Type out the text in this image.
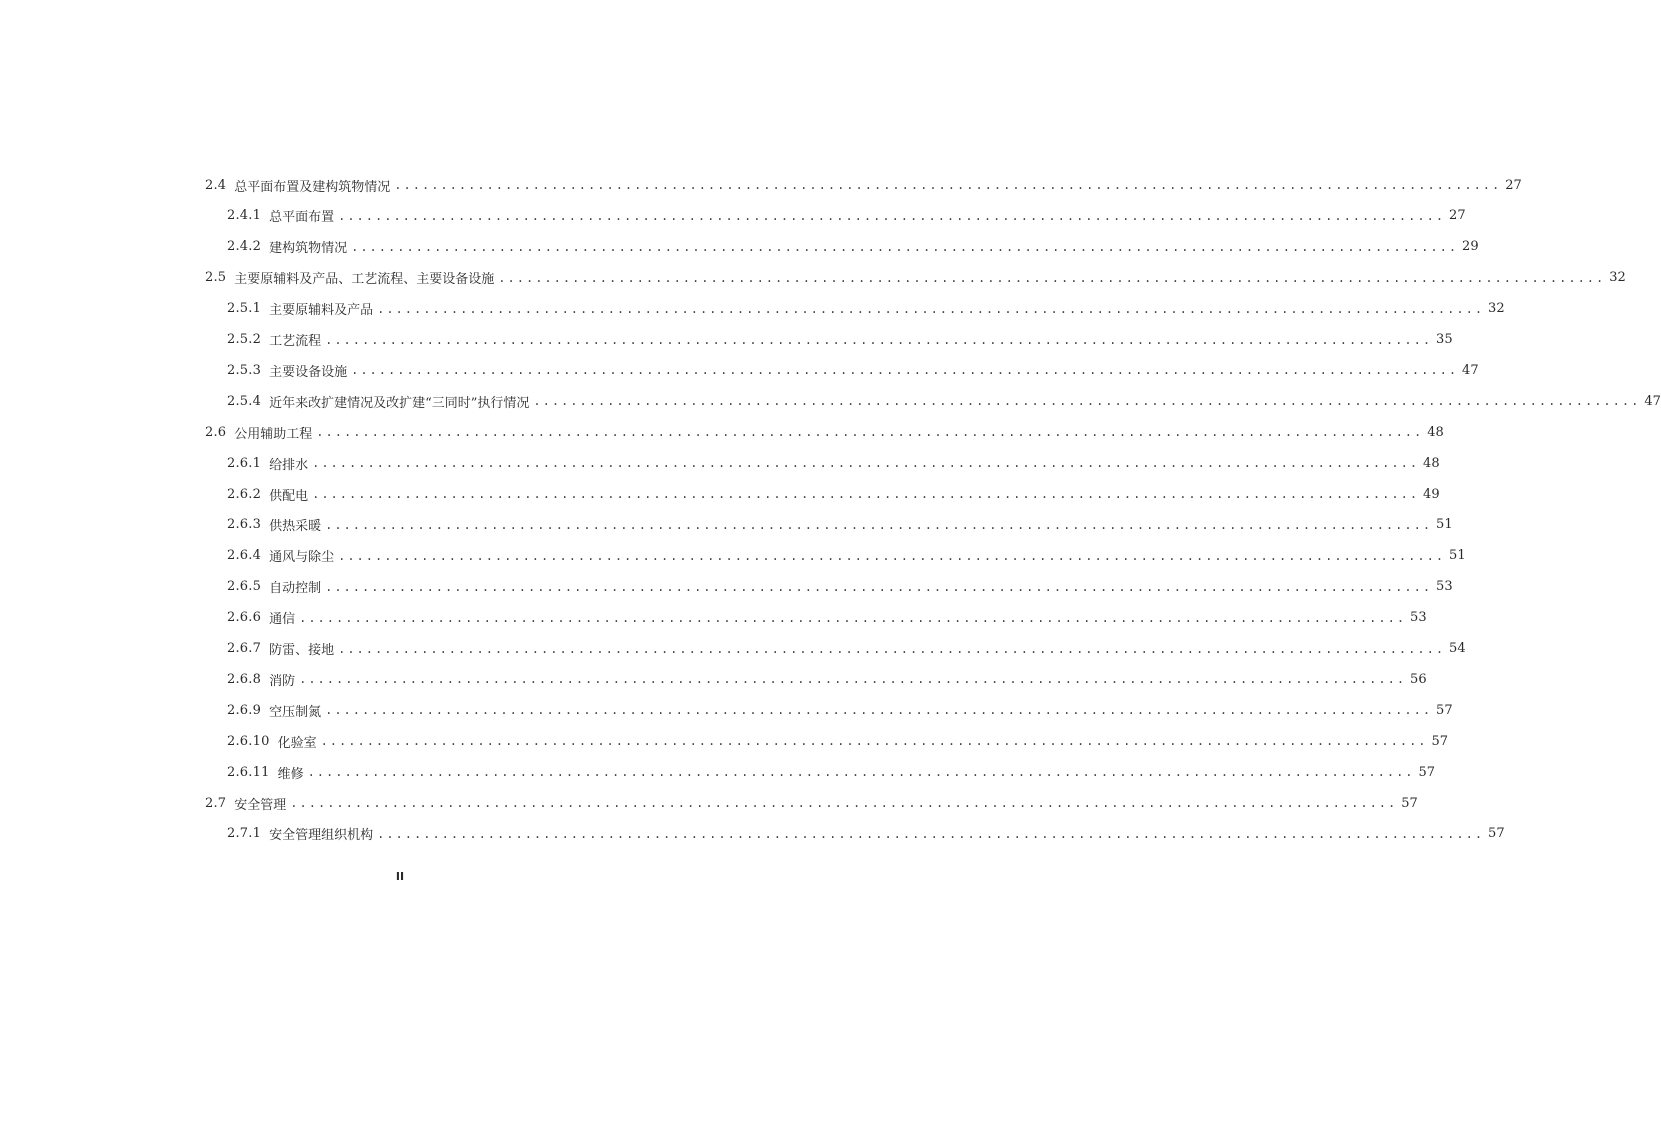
2.4 总平面布置及建构筑物情况 ........................................................................................................................ 27
2.4.1 总平面布置 ........................................................................................................................ 27
2.4.2 建构筑物情况 ........................................................................................................................ 29
2.5 主要原辅料及产品、工艺流程、主要设备设施 ........................................................................................................................ 32
2.5.1 主要原辅料及产品 ........................................................................................................................ 32
2.5.2 工艺流程 ........................................................................................................................ 35
2.5.3 主要设备设施 ........................................................................................................................ 47
2.5.4 近年来改扩建情况及改扩建“三同时”执行情况 ........................................................................................................................ 47
2.6 公用辅助工程 ........................................................................................................................ 48
2.6.1 给排水 ........................................................................................................................ 48
2.6.2 供配电 ........................................................................................................................ 49
2.6.3 供热采暖 ........................................................................................................................ 51
2.6.4 通风与除尘 ........................................................................................................................ 51
2.6.5 自动控制 ........................................................................................................................ 53
2.6.6 通信 ........................................................................................................................ 53
2.6.7 防雷、接地 ........................................................................................................................ 54
2.6.8 消防 ........................................................................................................................ 56
2.6.9 空压制氮 ........................................................................................................................ 57
2.6.10 化验室 ........................................................................................................................ 57
2.6.11 维修 ........................................................................................................................ 57
2.7 安全管理 ........................................................................................................................ 57
2.7.1 安全管理组织机构 ........................................................................................................................ 57
II
